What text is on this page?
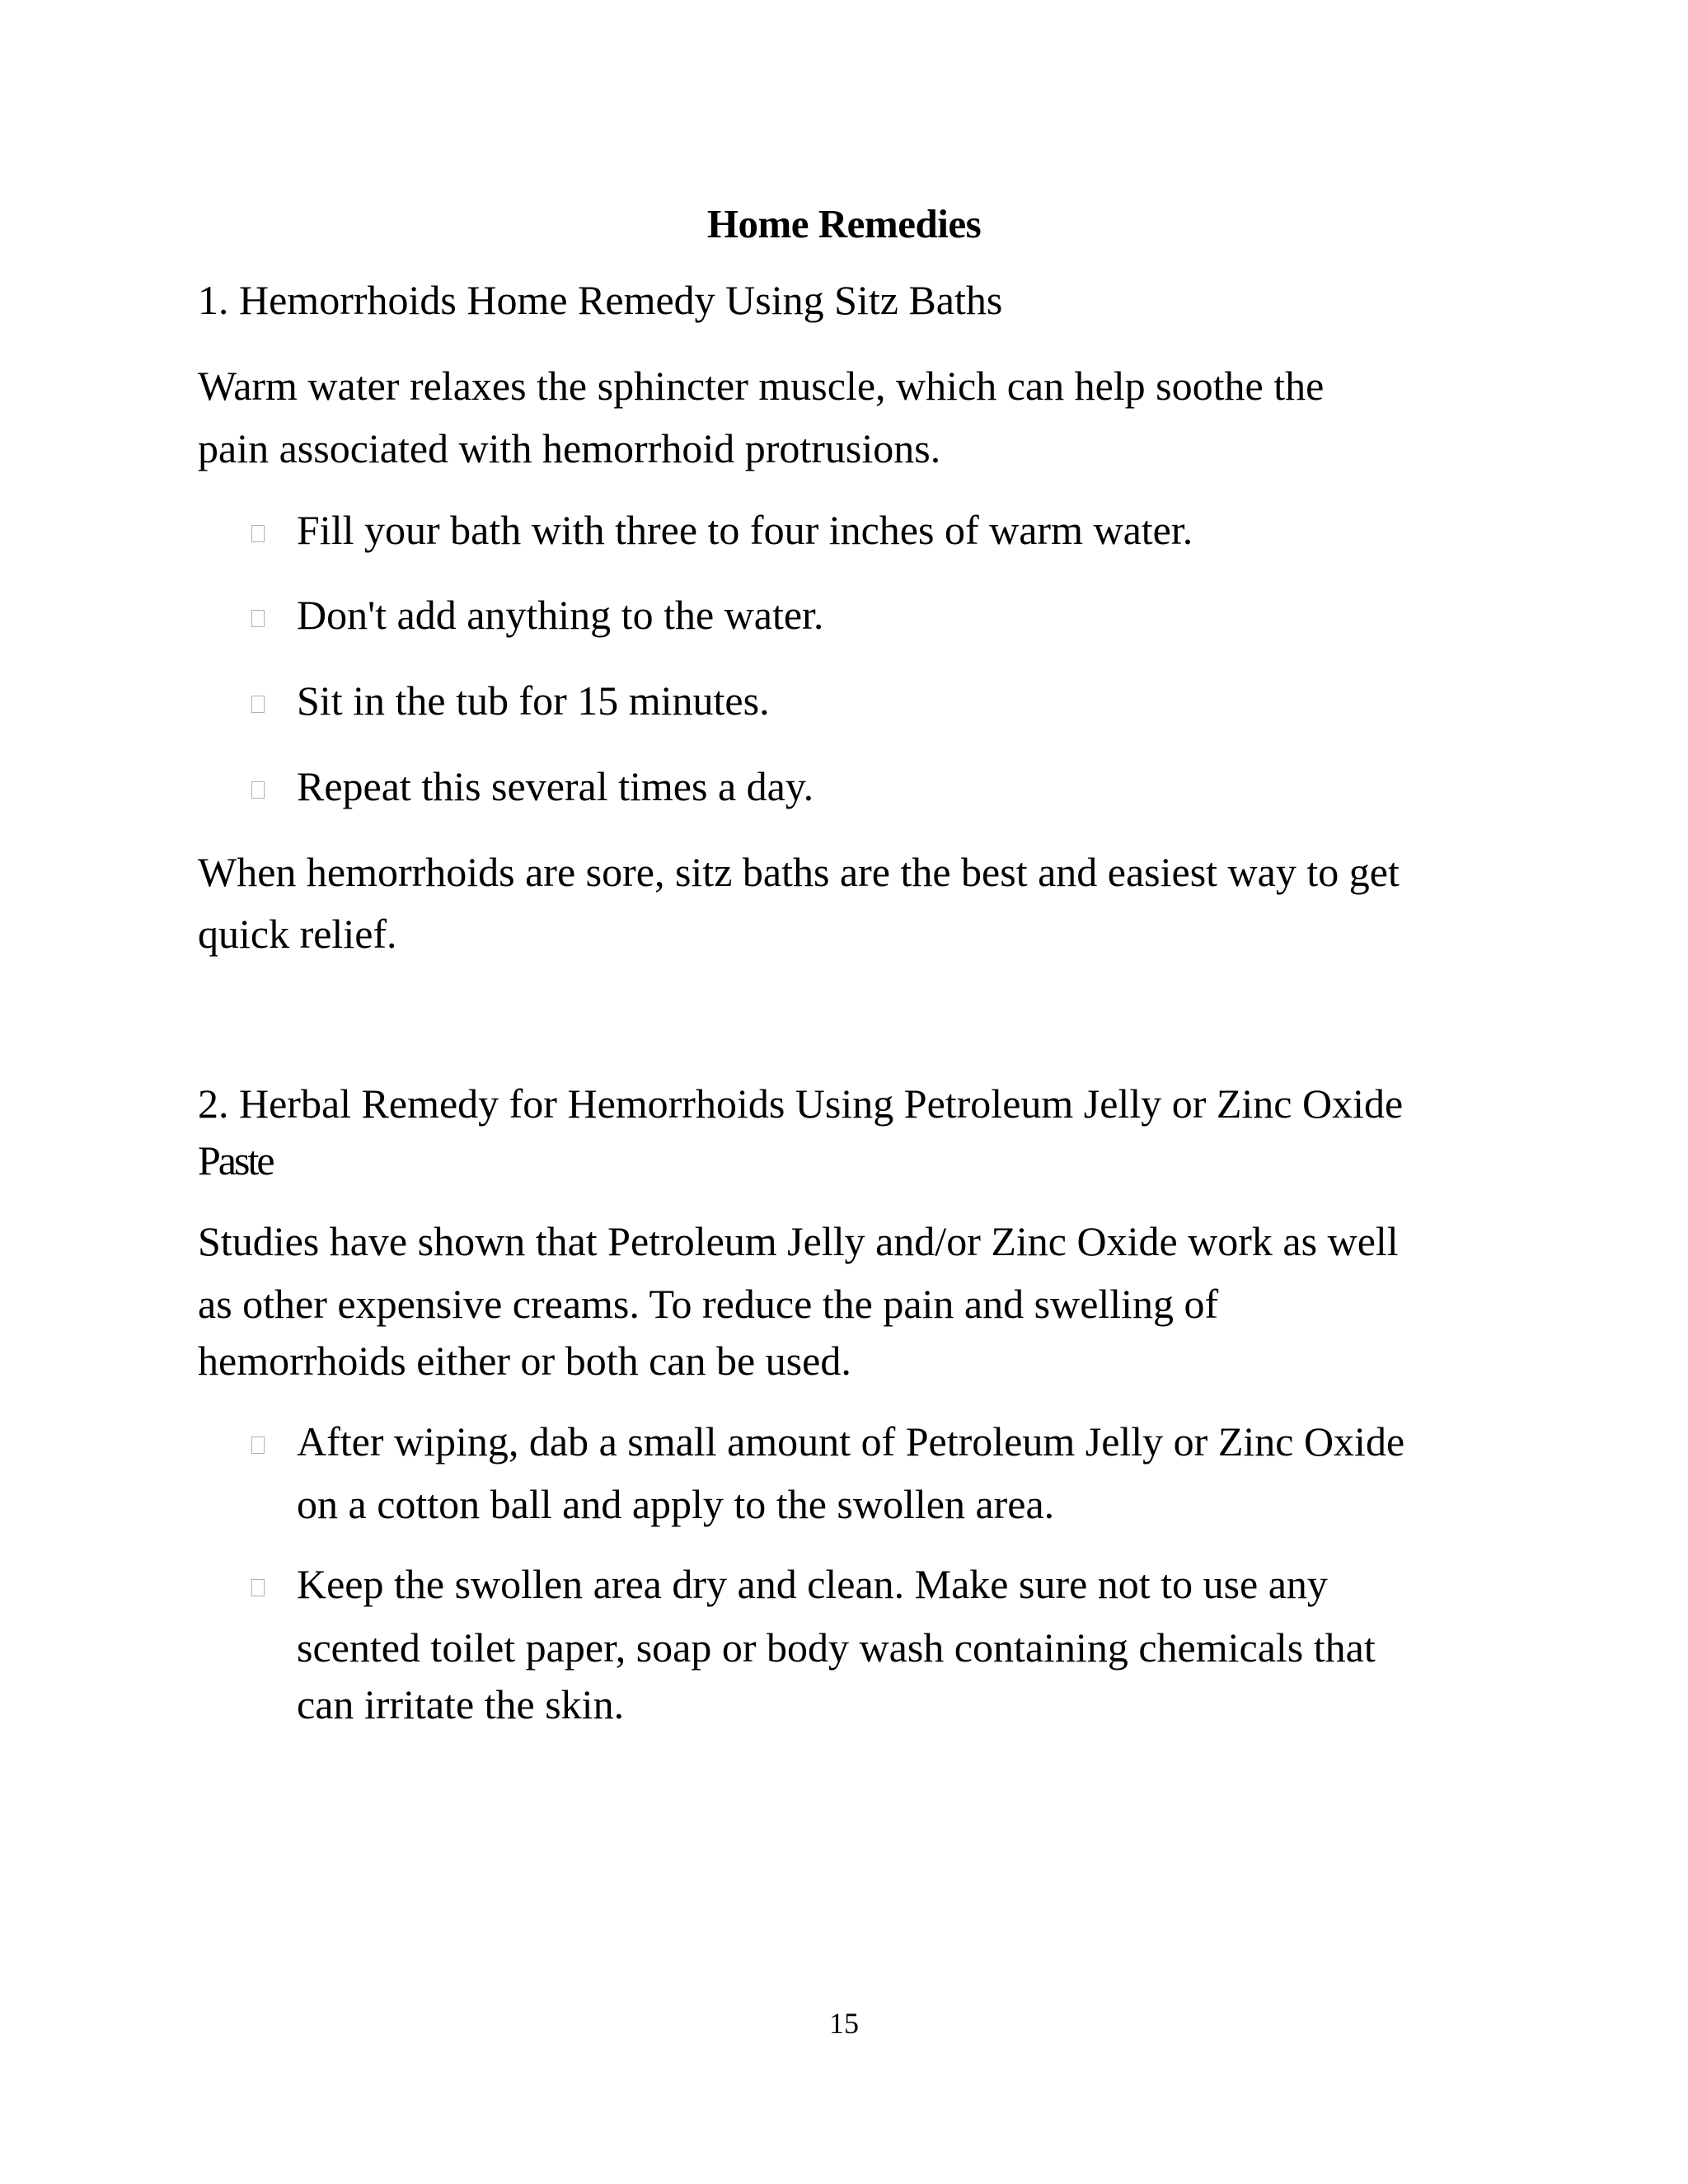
Home Remedies
1. Hemorrhoids Home Remedy Using Sitz Baths
Warm water relaxes the sphincter muscle, which can help soothe the
pain associated with hemorrhoid protrusions.
Fill your bath with three to four inches of warm water.
Don't add anything to the water.
Sit in the tub for 15 minutes.
Repeat this several times a day.
When hemorrhoids are sore, sitz baths are the best and easiest way to get
quick relief.
2. Herbal Remedy for Hemorrhoids Using Petroleum Jelly or Zinc Oxide
Paste
Studies have shown that Petroleum Jelly and/or Zinc Oxide work as well
as other expensive creams. To reduce the pain and swelling of
hemorrhoids either or both can be used.
After wiping, dab a small amount of Petroleum Jelly or Zinc Oxide
on a cotton ball and apply to the swollen area.
Keep the swollen area dry and clean. Make sure not to use any
scented toilet paper, soap or body wash containing chemicals that
can irritate the skin.
15
